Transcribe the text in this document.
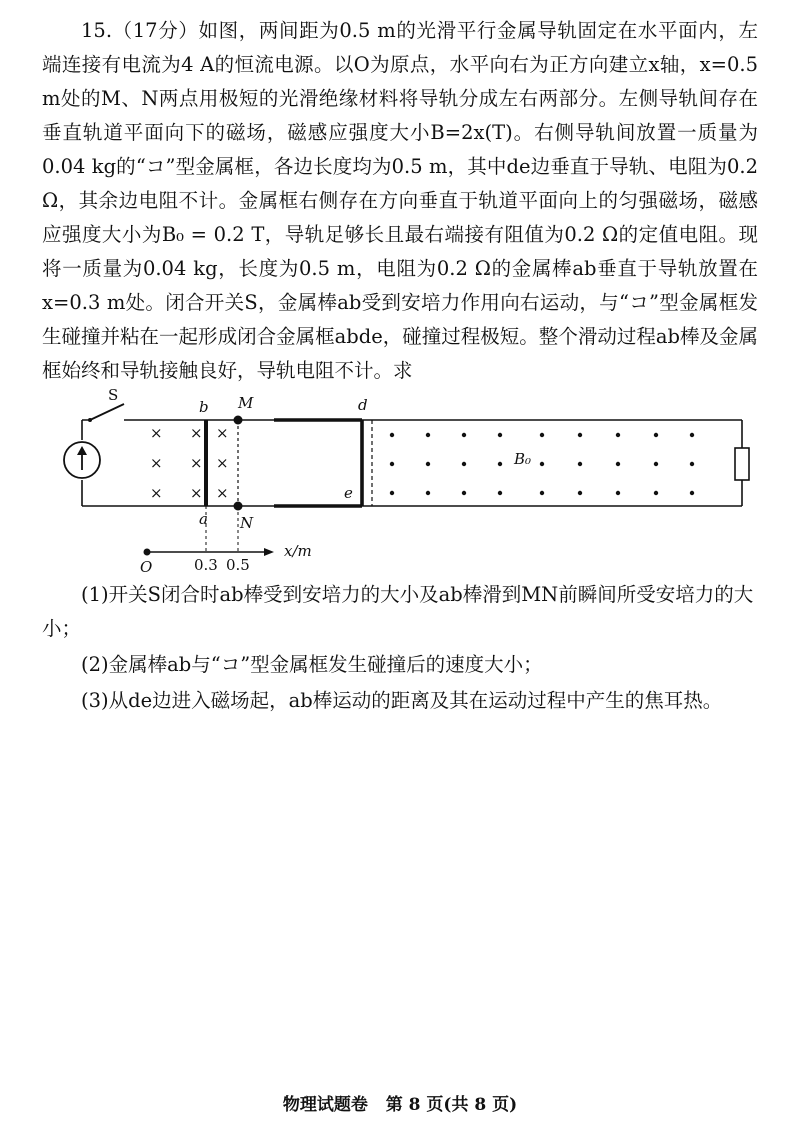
15.（17分）如图，两间距为0.5 m的光滑平行金属导轨固定在水平面内，左端连接有电流为4 A的恒流电源。以O为原点，水平向右为正方向建立x轴，x=0.5 m处的M、N两点用极短的光滑绝缘材料将导轨分成左右两部分。左侧导轨间存在垂直轨道平面向下的磁场，磁感应强度大小B=2x(T)。右侧导轨间放置一质量为0.04 kg的“コ”型金属框，各边长度均为0.5 m，其中de边垂直于导轨、电阻为0.2 Ω，其余边电阻不计。金属框右侧存在方向垂直于轨道平面向上的匀强磁场，磁感应强度大小为B₀ = 0.2 T，导轨足够长且最右端接有阻值为0.2 Ω的定值电阻。现将一质量为0.04 kg，长度为0.5 m，电阻为0.2 Ω的金属棒ab垂直于导轨放置在x=0.3 m处。闭合开关S，金属棒ab受到安培力作用向右运动，与“コ”型金属框发生碰撞并粘在一起形成闭合金属框abde，碰撞过程极短。整个滑动过程ab棒及金属框始终和导轨接触良好，导轨电阻不计。求

S
×
×
×
×
×
×
×
×
×
b
a
M
N
d
e
B₀
O	0.3 0.5
x/m

(1)开关S闭合时ab棒受到安培力的大小及ab棒滑到MN前瞬间所受安培力的大小；

(2)金属棒ab与“コ”型金属框发生碰撞后的速度大小；

(3)从de边进入磁场起，ab棒运动的距离及其在运动过程中产生的焦耳热。

物理试题卷 第 8 页(共 8 页)
